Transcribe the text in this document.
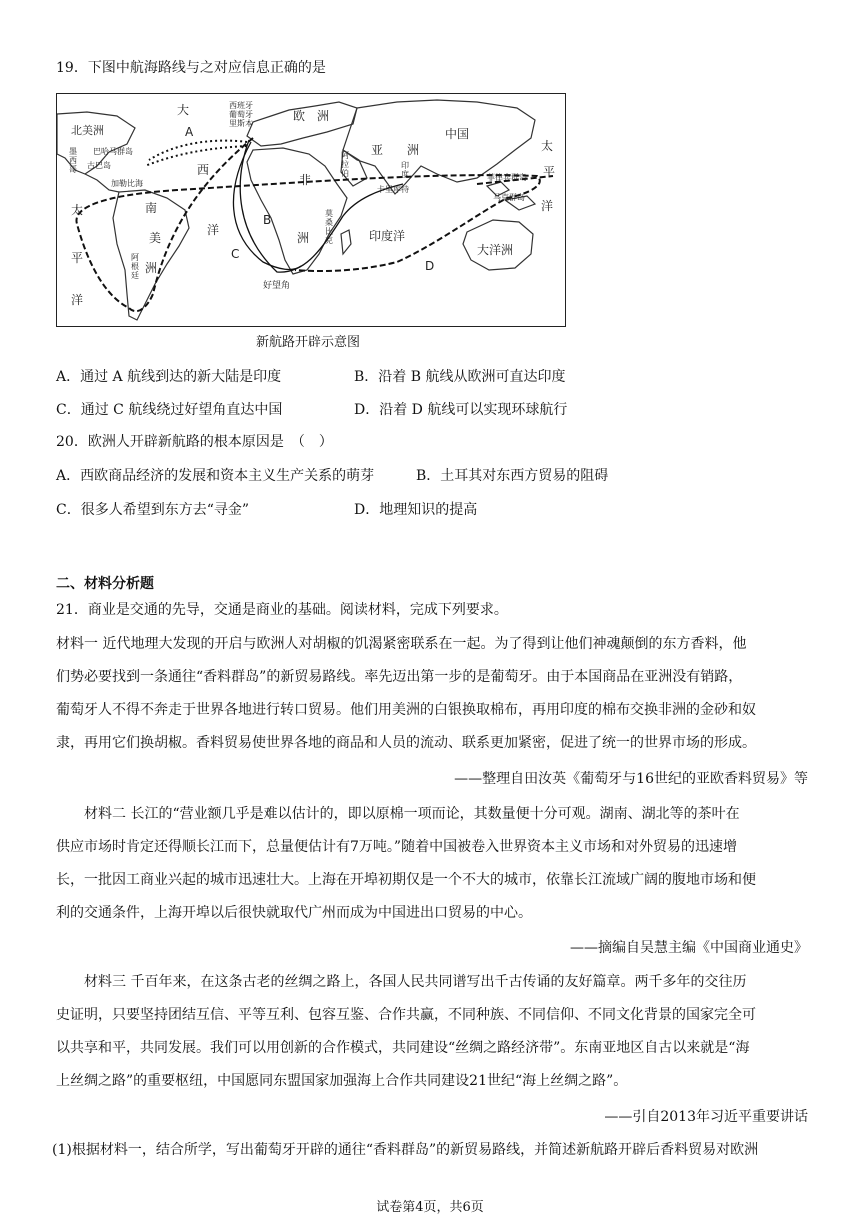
19．下图中航海路线与之对应信息正确的是
北美洲
大
西
洋
欧　洲
西班牙葡萄牙里斯本
巴哈马群岛
古巴岛
加勒比海
墨西哥
南
美
洲
阿根廷
非
洲
亚　　洲
中国
印度
卡里库特
阿拉伯
莫桑比克
好望角
印度洋
太
平
洋
太
平
洋
菲律宾群岛
马克群岛
大洋洲
A
B
C
D
新航路开辟示意图
A．通过 A 航线到达的新大陆是印度	B．沿着 B 航线从欧洲可直达印度
C．通过 C 航线绕过好望角直达中国	D．沿着 D 航线可以实现环球航行
20．欧洲人开辟新航路的根本原因是　（　）
A．西欧商品经济的发展和资本主义生产关系的萌芽	B．土耳其对东西方贸易的阻碍
C．很多人希望到东方去“寻金”	D．地理知识的提高
二、材料分析题
21．商业是交通的先导，交通是商业的基础。阅读材料，完成下列要求。

材料一 近代地理大发现的开启与欧洲人对胡椒的饥渴紧密联系在一起。为了得到让他们神魂颠倒的东方香料，他

们势必要找到一条通往“香料群岛”的新贸易路线。率先迈出第一步的是葡萄牙。由于本国商品在亚洲没有销路，

葡萄牙人不得不奔走于世界各地进行转口贸易。他们用美洲的白银换取棉布，再用印度的棉布交换非洲的金砂和奴

隶，再用它们换胡椒。香料贸易使世界各地的商品和人员的流动、联系更加紧密，促进了统一的世界市场的形成。

——整理自田汝英《葡萄牙与16世纪的亚欧香料贸易》等

　　材料二 长江的“营业额几乎是难以估计的，即以原棉一项而论，其数量便十分可观。湖南、湖北等的茶叶在

供应市场时肯定还得顺长江而下，总量便估计有7万吨。”随着中国被卷入世界资本主义市场和对外贸易的迅速增

长，一批因工商业兴起的城市迅速壮大。上海在开埠初期仅是一个不大的城市，依靠长江流域广阔的腹地市场和便

利的交通条件，上海开埠以后很快就取代广州而成为中国进出口贸易的中心。

——摘编自吴慧主编《中国商业通史》

　　材料三 千百年来，在这条古老的丝绸之路上，各国人民共同谱写出千古传诵的友好篇章。两千多年的交往历

史证明，只要坚持团结互信、平等互利、包容互鉴、合作共赢，不同种族、不同信仰、不同文化背景的国家完全可

以共享和平，共同发展。我们可以用创新的合作模式，共同建设“丝绸之路经济带”。东南亚地区自古以来就是“海

上丝绸之路”的重要枢纽，中国愿同东盟国家加强海上合作共同建设21世纪“海上丝绸之路”。

——引自2013年习近平重要讲话
(1)根据材料一，结合所学，写出葡萄牙开辟的通往“香料群岛”的新贸易路线，并简述新航路开辟后香料贸易对欧洲
试卷第4页，共6页
